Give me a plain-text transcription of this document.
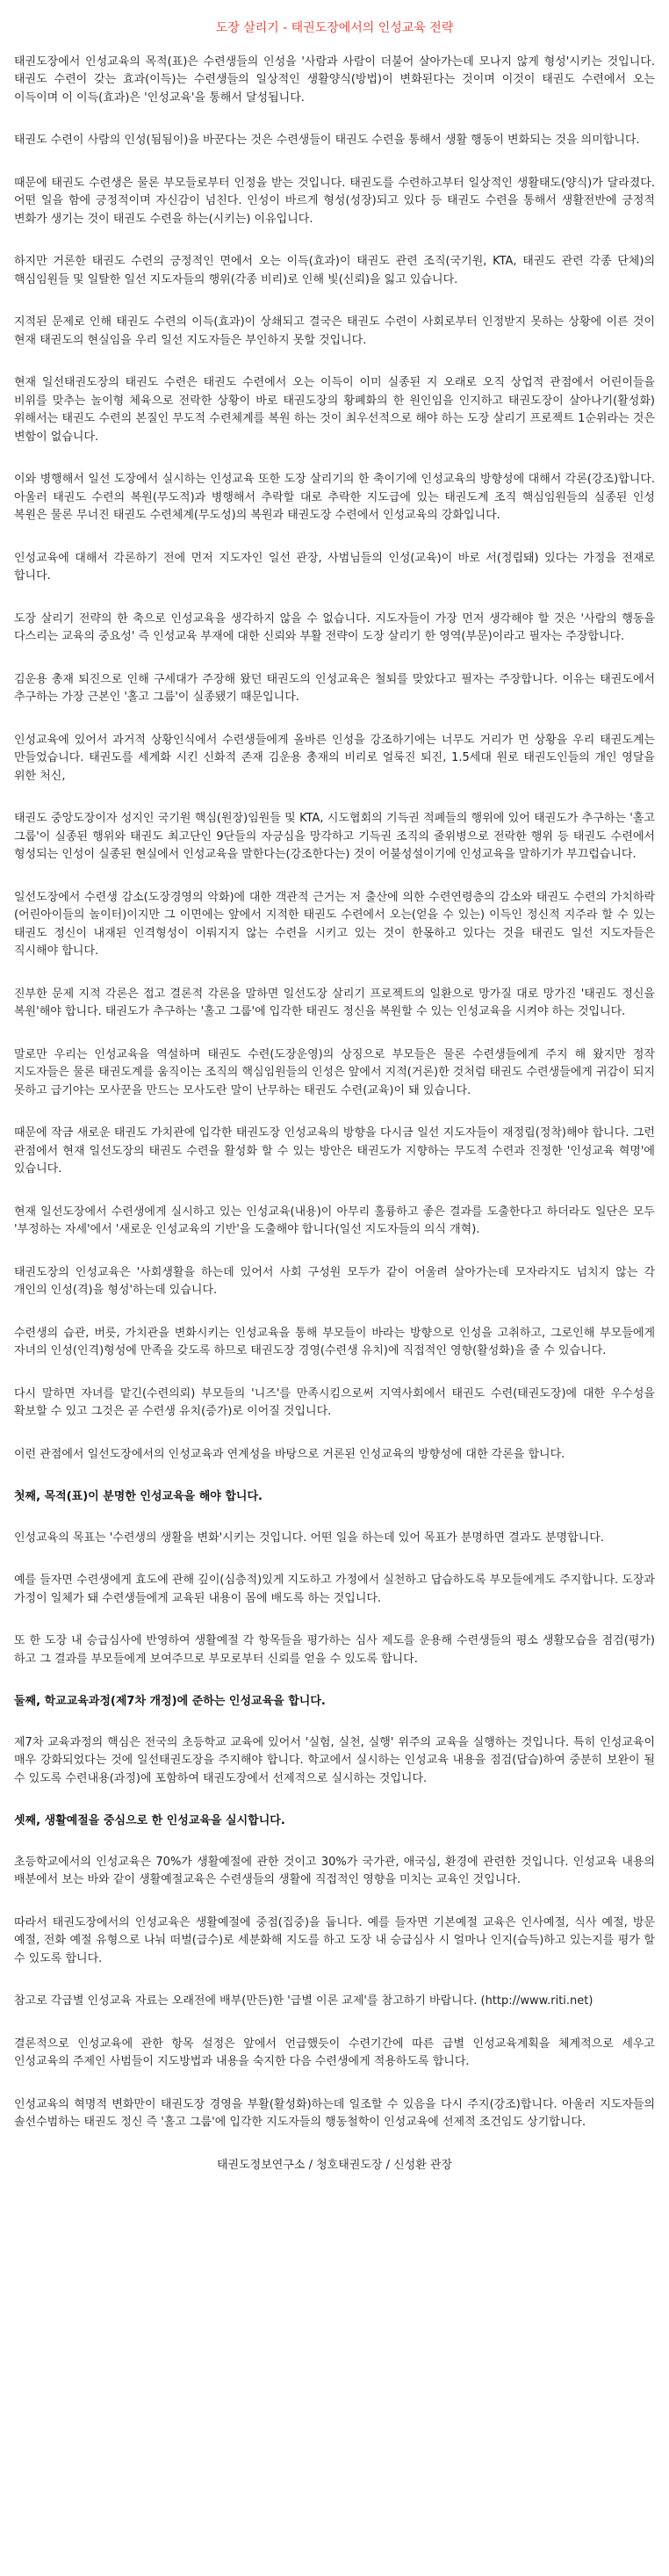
도장 살리기 - 태권도장에서의 인성교육 전략

태권도장에서 인성교육의 목적(표)은 수련생들의 인성을 '사람과 사람이 더불어 살아가는데 모나지 않게 형성'시키는 것입니다. 태권도 수련이 갖는 효과(이득)는 수련생들의 일상적인 생활양식(방법)이 변화된다는 것이며 이것이 태권도 수련에서 오는 이득이며 이 이득(효과)은 '인성교육'을 통해서 달성됩니다.

태권도 수련이 사람의 인성(됨됨이)을 바꾼다는 것은 수련생들이 태권도 수련을 통해서 생활 행동이 변화되는 것을 의미합니다.

때문에 태권도 수련생은 물론 부모들로부터 인정을 받는 것입니다. 태권도를 수련하고부터 일상적인 생활태도(양식)가 달라졌다. 어떤 일을 함에 긍정적이며 자신감이 넘친다. 인성이 바르게 형성(성장)되고 있다 등 태권도 수련을 통해서 생활전반에 긍정적 변화가 생기는 것이 태권도 수련을 하는(시키는) 이유입니다.

하지만 거론한 태권도 수련의 긍정적인 면에서 오는 이득(효과)이 태권도 관련 조직(국기원, KTA, 태권도 관련 각종 단체)의 핵심임원들 및 일탈한 일선 지도자들의 행위(각종 비리)로 인해 빛(신뢰)을 잃고 있습니다.

지적된 문제로 인해 태권도 수련의 이득(효과)이 상쇄되고 결국은 태권도 수련이 사회로부터 인정받지 못하는 상황에 이른 것이 현재 태권도의 현실임을 우리 일선 지도자들은 부인하지 못할 것입니다.

현재 일선태권도장의 태권도 수련은 태권도 수련에서 오는 이득이 이미 실종된 지 오래로 오직 상업적 관점에서 어린이들을 비위를 맞추는 놀이형 체육으로 전락한 상황이 바로 태권도장의 황폐화의 한 원인임을 인지하고 태권도장이 살아나기(활성화) 위해서는 태권도 수련의 본질인 무도적 수련체계를 복원 하는 것이 최우선적으로 해야 하는 도장 살리기 프로젝트 1순위라는 것은 변함이 없습니다.

이와 병행해서 일선 도장에서 실시하는 인성교육 또한 도장 살리기의 한 축이기에 인성교육의 방향성에 대해서 각론(강조)합니다. 아울러 태권도 수련의 복원(무도적)과 병행해서 추락할 대로 추락한 지도급에 있는 태권도계 조직 핵심임원들의 실종된 인성 복원은 물론 무너진 태권도 수련체계(무도성)의 복원과 태권도장 수련에서 인성교육의 강화입니다.

인성교육에 대해서 각론하기 전에 먼저 지도자인 일선 관장, 사범님들의 인성(교육)이 바로 서(정립돼) 있다는 가정을 전재로 합니다.

도장 살리기 전략의 한 축으로 인성교육을 생각하지 않을 수 없습니다. 지도자들이 가장 먼저 생각해야 할 것은 '사람의 행동을 다스리는 교육의 중요성' 즉 인성교육 부재에 대한 신뢰와 부활 전략이 도장 살리기 한 영역(부문)이라고 필자는 주장합니다.

김운용 총재 퇴진으로 인해 구세대가 주장해 왔던 태권도의 인성교육은 철퇴를 맞았다고 필자는 주장합니다. 이유는 태권도에서 추구하는 가장 근본인 '홀고 그룹'이 실종됐기 때문입니다.

인성교육에 있어서 과거적 상황인식에서 수련생들에게 올바른 인성을 강조하기에는 너무도 거리가 먼 상황을 우리 태권도계는 만들었습니다. 태권도를 세계화 시킨 신화적 존재 김운용 총재의 비리로 얼룩진 퇴진, 1.5세대 원로 태권도인들의 개인 영달을 위한 처신,

태권도 중앙도장이자 성지인 국기원 핵심(원장)임원들 및 KTA, 시도협회의 기득권 적폐들의 행위에 있어 태권도가 추구하는 '홀고 그룹'이 실종된 행위와 태권도 최고단인 9단들의 자긍심을 망각하고 기득권 조직의 줄위병으로 전락한 행위 등 태권도 수련에서 형성되는 인성이 실종된 현실에서 인성교육을 말한다는(강조한다는) 것이 어불성설이기에 인성교육을 말하기가 부끄럽습니다.

일선도장에서 수련생 감소(도장경영의 악화)에 대한 객관적 근거는 저 출산에 의한 수련연령층의 감소와 태권도 수련의 가치하락(어린아이들의 놀이터)이지만 그 이면에는 앞에서 지적한 태권도 수련에서 오는(얻을 수 있는) 이득인 정신적 지주라 할 수 있는 태권도 정신이 내재된 인격형성이 이뤄지지 않는 수련을 시키고 있는 것이 한몫하고 있다는 것을 태권도 일선 지도자들은 직시해야 합니다.

진부한 문제 지적 각론은 접고 결론적 각론을 말하면 일선도장 살리기 프로젝트의 일환으로 망가질 대로 망가진 '태권도 정신을 복원'해야 합니다. 태권도가 추구하는 '홀고 그룹'에 입각한 태권도 정신을 복원할 수 있는 인성교육을 시켜야 하는 것입니다.

말로만 우리는 인성교육을 역설하며 태권도 수련(도장운영)의 상징으로 부모들은 물론 수련생들에게 주지 해 왔지만 정작 지도자들은 물론 태권도계를 움직이는 조직의 핵심임원들의 인성은 앞에서 지적(거론)한 것처럼 태권도 수련생들에게 귀감이 되지 못하고 급기야는 모사꾼을 만드는 모사도란 말이 난무하는 태권도 수련(교육)이 돼 있습니다.

때문에 작금 새로운 태권도 가치관에 입각한 태권도장 인성교육의 방향을 다시금 일선 지도자들이 재정립(정착)해야 합니다. 그런 관점에서 현재 일선도장의 태권도 수련을 활성화 할 수 있는 방안은 태권도가 지향하는 무도적 수련과 진정한 '인성교육 혁명'에 있습니다.

현재 일선도장에서 수련생에게 실시하고 있는 인성교육(내용)이 아무리 훌륭하고 좋은 결과를 도출한다고 하더라도 일단은 모두 '부정하는 자세'에서 '새로운 인성교육의 기반'을 도출해야 합니다(일선 지도자들의 의식 개혁).

태권도장의 인성교육은 '사회생활을 하는데 있어서 사회 구성원 모두가 같이 어울려 살아가는데 모자라지도 넘치지 않는 각 개인의 인성(격)을 형성'하는데 있습니다.

수련생의 습관, 버릇, 가치관을 변화시키는 인성교육을 통해 부모들이 바라는 방향으로 인성을 고취하고, 그로인해 부모들에게 자녀의 인성(인격)형성에 만족을 갖도록 하므로 태권도장 경영(수련생 유치)에 직접적인 영향(활성화)을 줄 수 있습니다.

다시 말하면 자녀를 맡긴(수련의뢰) 부모들의 '니즈'를 만족시킴으로써 지역사회에서 태권도 수련(태권도장)에 대한 우수성을 확보할 수 있고 그것은 곧 수련생 유치(증가)로 이어질 것입니다.

이런 관점에서 일선도장에서의 인성교육과 연계성을 바탕으로 거론된 인성교육의 방향성에 대한 각론을 합니다.

첫째, 목적(표)이 분명한 인성교육을 해야 합니다.

인성교육의 목표는 '수련생의 생활을 변화'시키는 것입니다. 어떤 일을 하는데 있어 목표가 분명하면 결과도 분명합니다.

예를 들자면 수련생에게 효도에 관해 깊이(심층적)있게 지도하고 가정에서 실천하고 답습하도록 부모들에게도 주지합니다. 도장과 가정이 일체가 돼 수련생들에게 교육된 내용이 몸에 배도록 하는 것입니다.

또 한 도장 내 승급심사에 반영하여 생활예절 각 항목들을 평가하는 심사 제도를 운용해 수련생들의 평소 생활모습을 점검(평가)하고 그 결과를 부모들에게 보여주므로 부모로부터 신뢰를 얻을 수 있도록 합니다.

둘째, 학교교육과정(제7차 개정)에 준하는 인성교육을 합니다.

제7차 교육과정의 핵심은 전국의 초등학교 교육에 있어서 '실험, 실천, 실행' 위주의 교육을 실행하는 것입니다. 특히 인성교육이 매우 강화되었다는 것에 일선태권도장을 주지해야 합니다. 학교에서 실시하는 인성교육 내용을 점검(답습)하여 중분히 보완이 될 수 있도록 수련내용(과정)에 포함하여 태권도장에서 선제적으로 실시하는 것입니다.

셋째, 생활예절을 중심으로 한 인성교육을 실시합니다.

초등학교에서의 인성교육은 70%가 생활예절에 관한 것이고 30%가 국가관, 애국심, 환경에 관련한 것입니다. 인성교육 내용의 배분에서 보는 바와 같이 생활예절교육은 수련생들의 생활에 직접적인 영향을 미치는 교육인 것입니다.

따라서 태권도장에서의 인성교육은 생활예절에 중점(집중)을 둡니다. 예를 들자면 기본예절 교육은 인사예절, 식사 예절, 방문 예절, 전화 예절 유형으로 나눠 떠벌(급수)로 세분화해 지도를 하고 도장 내 승급심사 시 얼마나 인지(습득)하고 있는지를 평가 할 수 있도록 합니다.

참고로 각급별 인성교육 자료는 오래전에 배부(만든)한 '급별 이론 교제'를 참고하기 바랍니다. (http://www.riti.net)

결론적으로 인성교육에 관한 항목 설정은 앞에서 언급했듯이 수련기간에 따른 급별 인성교육계획을 체계적으로 세우고 인성교육의 주제인 사범들이 지도방법과 내용을 숙지한 다음 수련생에게 적용하도록 합니다.

인성교육의 혁명적 변화만이 태권도장 경영을 부활(활성화)하는데 일조할 수 있음을 다시 주지(강조)합니다. 아울러 지도자들의 솔선수범하는 태권도 정신 즉 '홀고 그룹'에 입각한 지도자들의 행동철학이 인성교육에 선제적 조건임도 상기합니다.

태권도정보연구소 / 청호태권도장 / 신성환 관장
